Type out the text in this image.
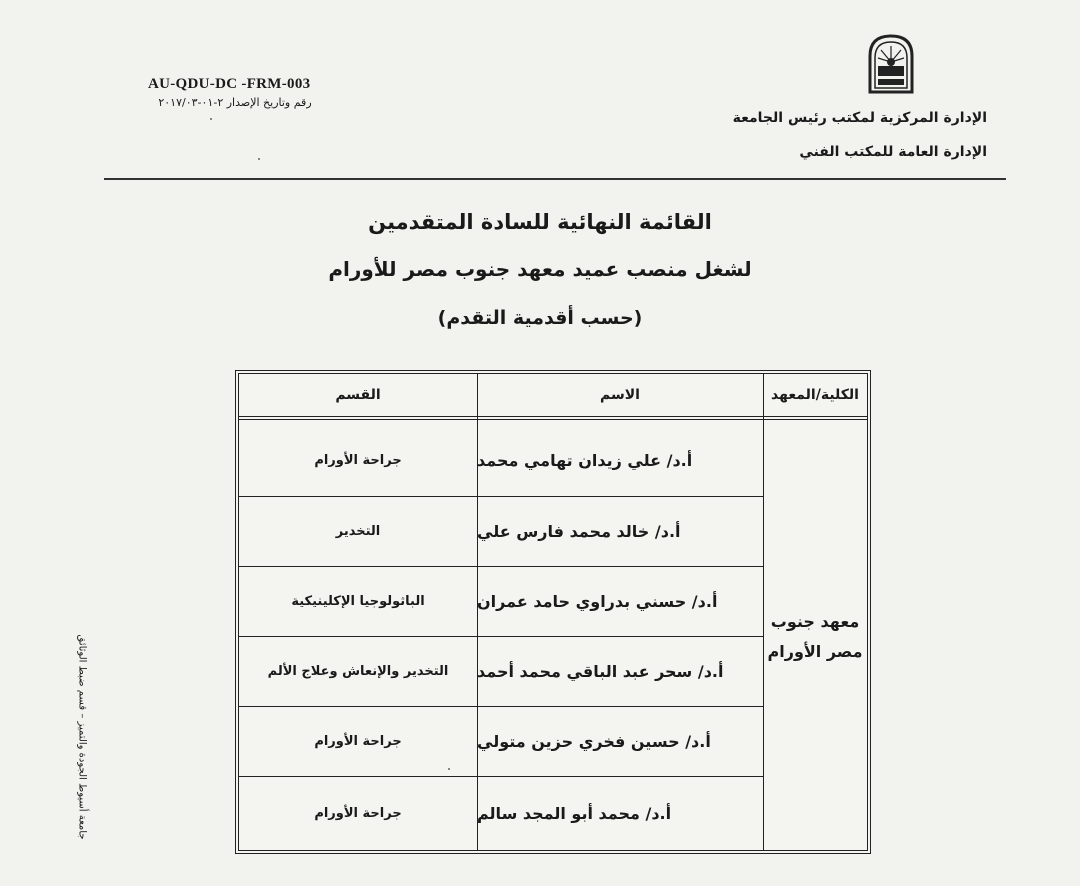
AU-QDU-DC -FRM-003
رقم وتاريخ الإصدار ٢-٠١-٢٠١٧/٠٣
الإدارة المركزية لمكتب رئيس الجامعة
الإدارة العامة للمكتب الفني
القائمة النهائية للسادة المتقدمين
لشغل منصب عميد معهد جنوب مصر للأورام
(حسب أقدمية التقدم)
القسم	الاسم	الكلية/المعهد
جراحة الأورام	أ.د/ علي زيدان تهامي محمد
التخدير	أ.د/ خالد محمد فارس علي
الباثولوجيا الإكلينيكية	أ.د/ حسني بدراوي حامد عمران
التخدير والإنعاش وعلاج الألم	أ.د/ سحر عبد الباقي محمد أحمد
جراحة الأورام	أ.د/ حسين فخري حزين متولي
جراحة الأورام	أ.د/ محمد أبو المجد سالم
معهد جنوب
مصر الأورام
جامعة أسيوط الجودة والتميز – قسم ضبط الوثائق
